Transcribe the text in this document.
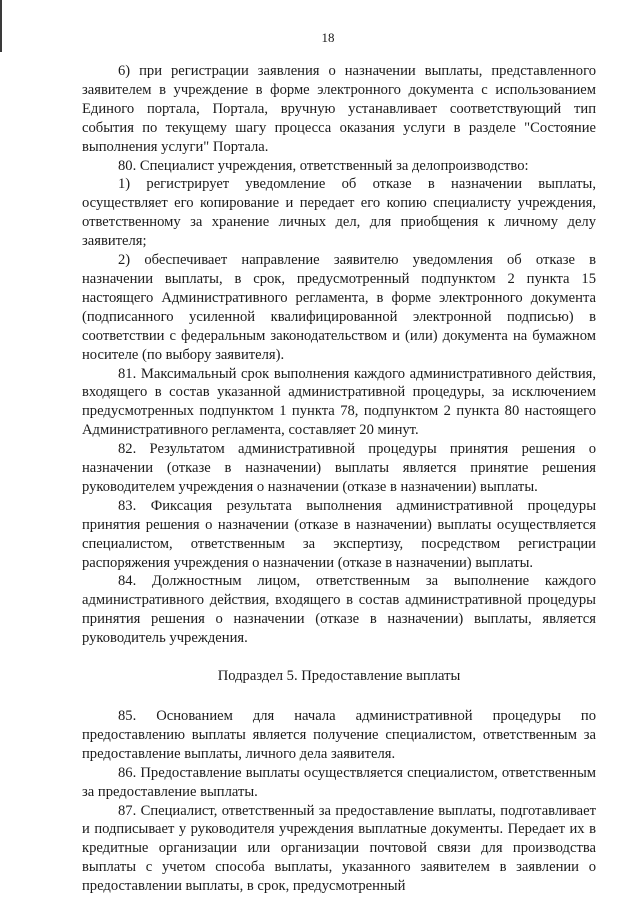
18

6) при регистрации заявления о назначении выплаты, представленного заявителем в учреждение в форме электронного документа с использованием Единого портала, Портала, вручную устанавливает соответствующий тип события по текущему шагу процесса оказания услуги в разделе "Состояние выполнения услуги" Портала.

80. Специалист учреждения, ответственный за делопроизводство:

1) регистрирует уведомление об отказе в назначении выплаты, осуществляет его копирование и передает его копию специалисту учреждения, ответственному за хранение личных дел, для приобщения к личному делу заявителя;

2) обеспечивает направление заявителю уведомления об отказе в назначении выплаты, в срок, предусмотренный подпунктом 2 пункта 15 настоящего Административного регламента, в форме электронного документа (подписанного усиленной квалифицированной электронной подписью) в соответствии с федеральным законодательством и (или) документа на бумажном носителе (по выбору заявителя).

81. Максимальный срок выполнения каждого административного действия, входящего в состав указанной административной процедуры, за исключением предусмотренных подпунктом 1 пункта 78, подпунктом 2 пункта 80 настоящего Административного регламента, составляет 20 минут.

82. Результатом административной процедуры принятия решения о назначении (отказе в назначении) выплаты является принятие решения руководителем учреждения о назначении (отказе в назначении) выплаты.

83. Фиксация результата выполнения административной процедуры принятия решения о назначении (отказе в назначении) выплаты осуществляется специалистом, ответственным за экспертизу, посредством регистрации распоряжения учреждения о назначении (отказе в назначении) выплаты.

84. Должностным лицом, ответственным за выполнение каждого административного действия, входящего в состав административной процедуры принятия решения о назначении (отказе в назначении) выплаты, является руководитель учреждения.

Подраздел 5. Предоставление выплаты

85. Основанием для начала административной процедуры по предоставлению выплаты является получение специалистом, ответственным за предоставление выплаты, личного дела заявителя.

86. Предоставление выплаты осуществляется специалистом, ответственным за предоставление выплаты.

87. Специалист, ответственный за предоставление выплаты, подготавливает и подписывает у руководителя учреждения выплатные документы. Передает их в кредитные организации или организации почтовой связи для производства выплаты с учетом способа выплаты, указанного заявителем в заявлении о предоставлении выплаты, в срок, предусмотренный
